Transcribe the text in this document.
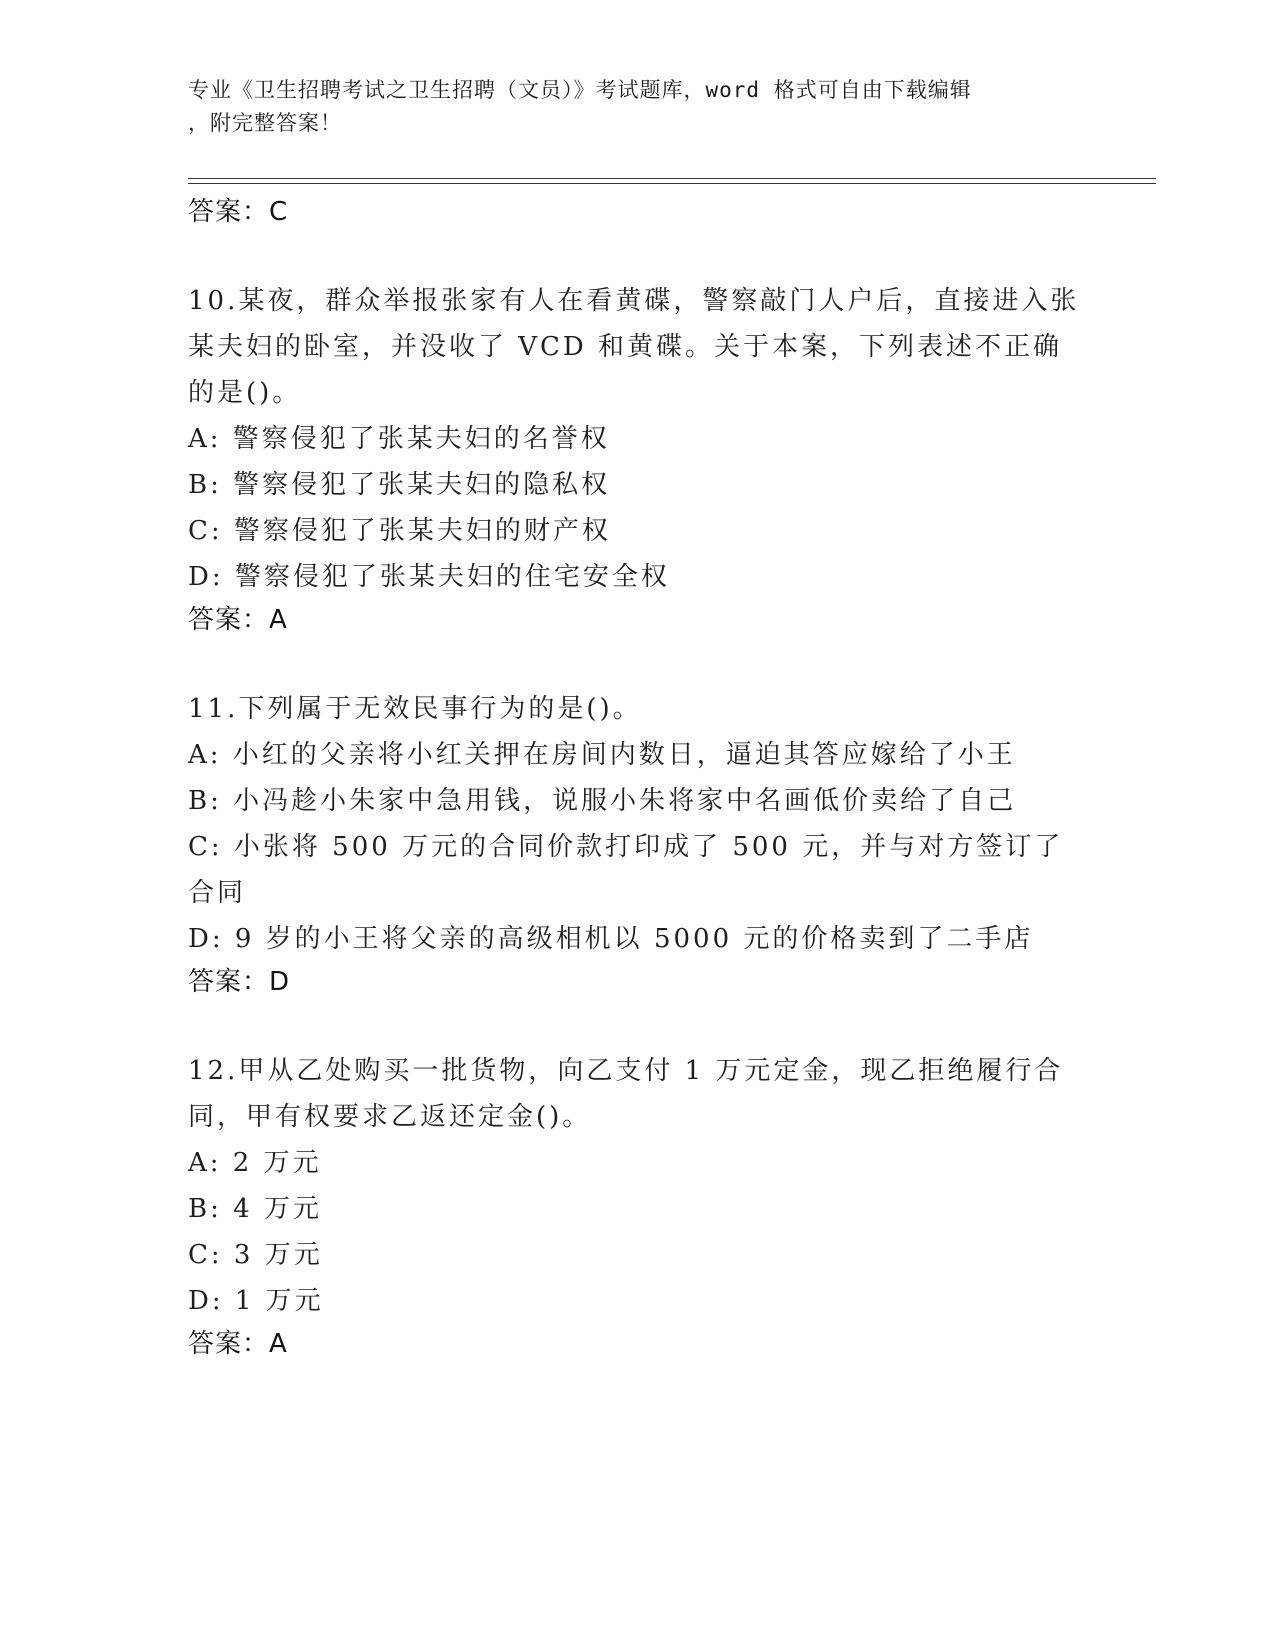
专业《卫生招聘考试之卫生招聘（文员）》考试题库，word 格式可自由下载编辑
，附完整答案！
答案：C
10.某夜，群众举报张家有人在看黄碟，警察敲门人户后，直接进入张某夫妇的卧室，并没收了 VCD 和黄碟。关于本案，下列表述不正确的是()。
A: 警察侵犯了张某夫妇的名誉权
B: 警察侵犯了张某夫妇的隐私权
C: 警察侵犯了张某夫妇的财产权
D: 警察侵犯了张某夫妇的住宅安全权
答案：A
11.下列属于无效民事行为的是()。
A: 小红的父亲将小红关押在房间内数日，逼迫其答应嫁给了小王
B: 小冯趁小朱家中急用钱，说服小朱将家中名画低价卖给了自己
C: 小张将 500 万元的合同价款打印成了 500 元，并与对方签订了合同
D: 9 岁的小王将父亲的高级相机以 5000 元的价格卖到了二手店
答案：D
12.甲从乙处购买一批货物，向乙支付 1 万元定金，现乙拒绝履行合同，甲有权要求乙返还定金()。
A: 2 万元
B: 4 万元
C: 3 万元
D: 1 万元
答案：A
